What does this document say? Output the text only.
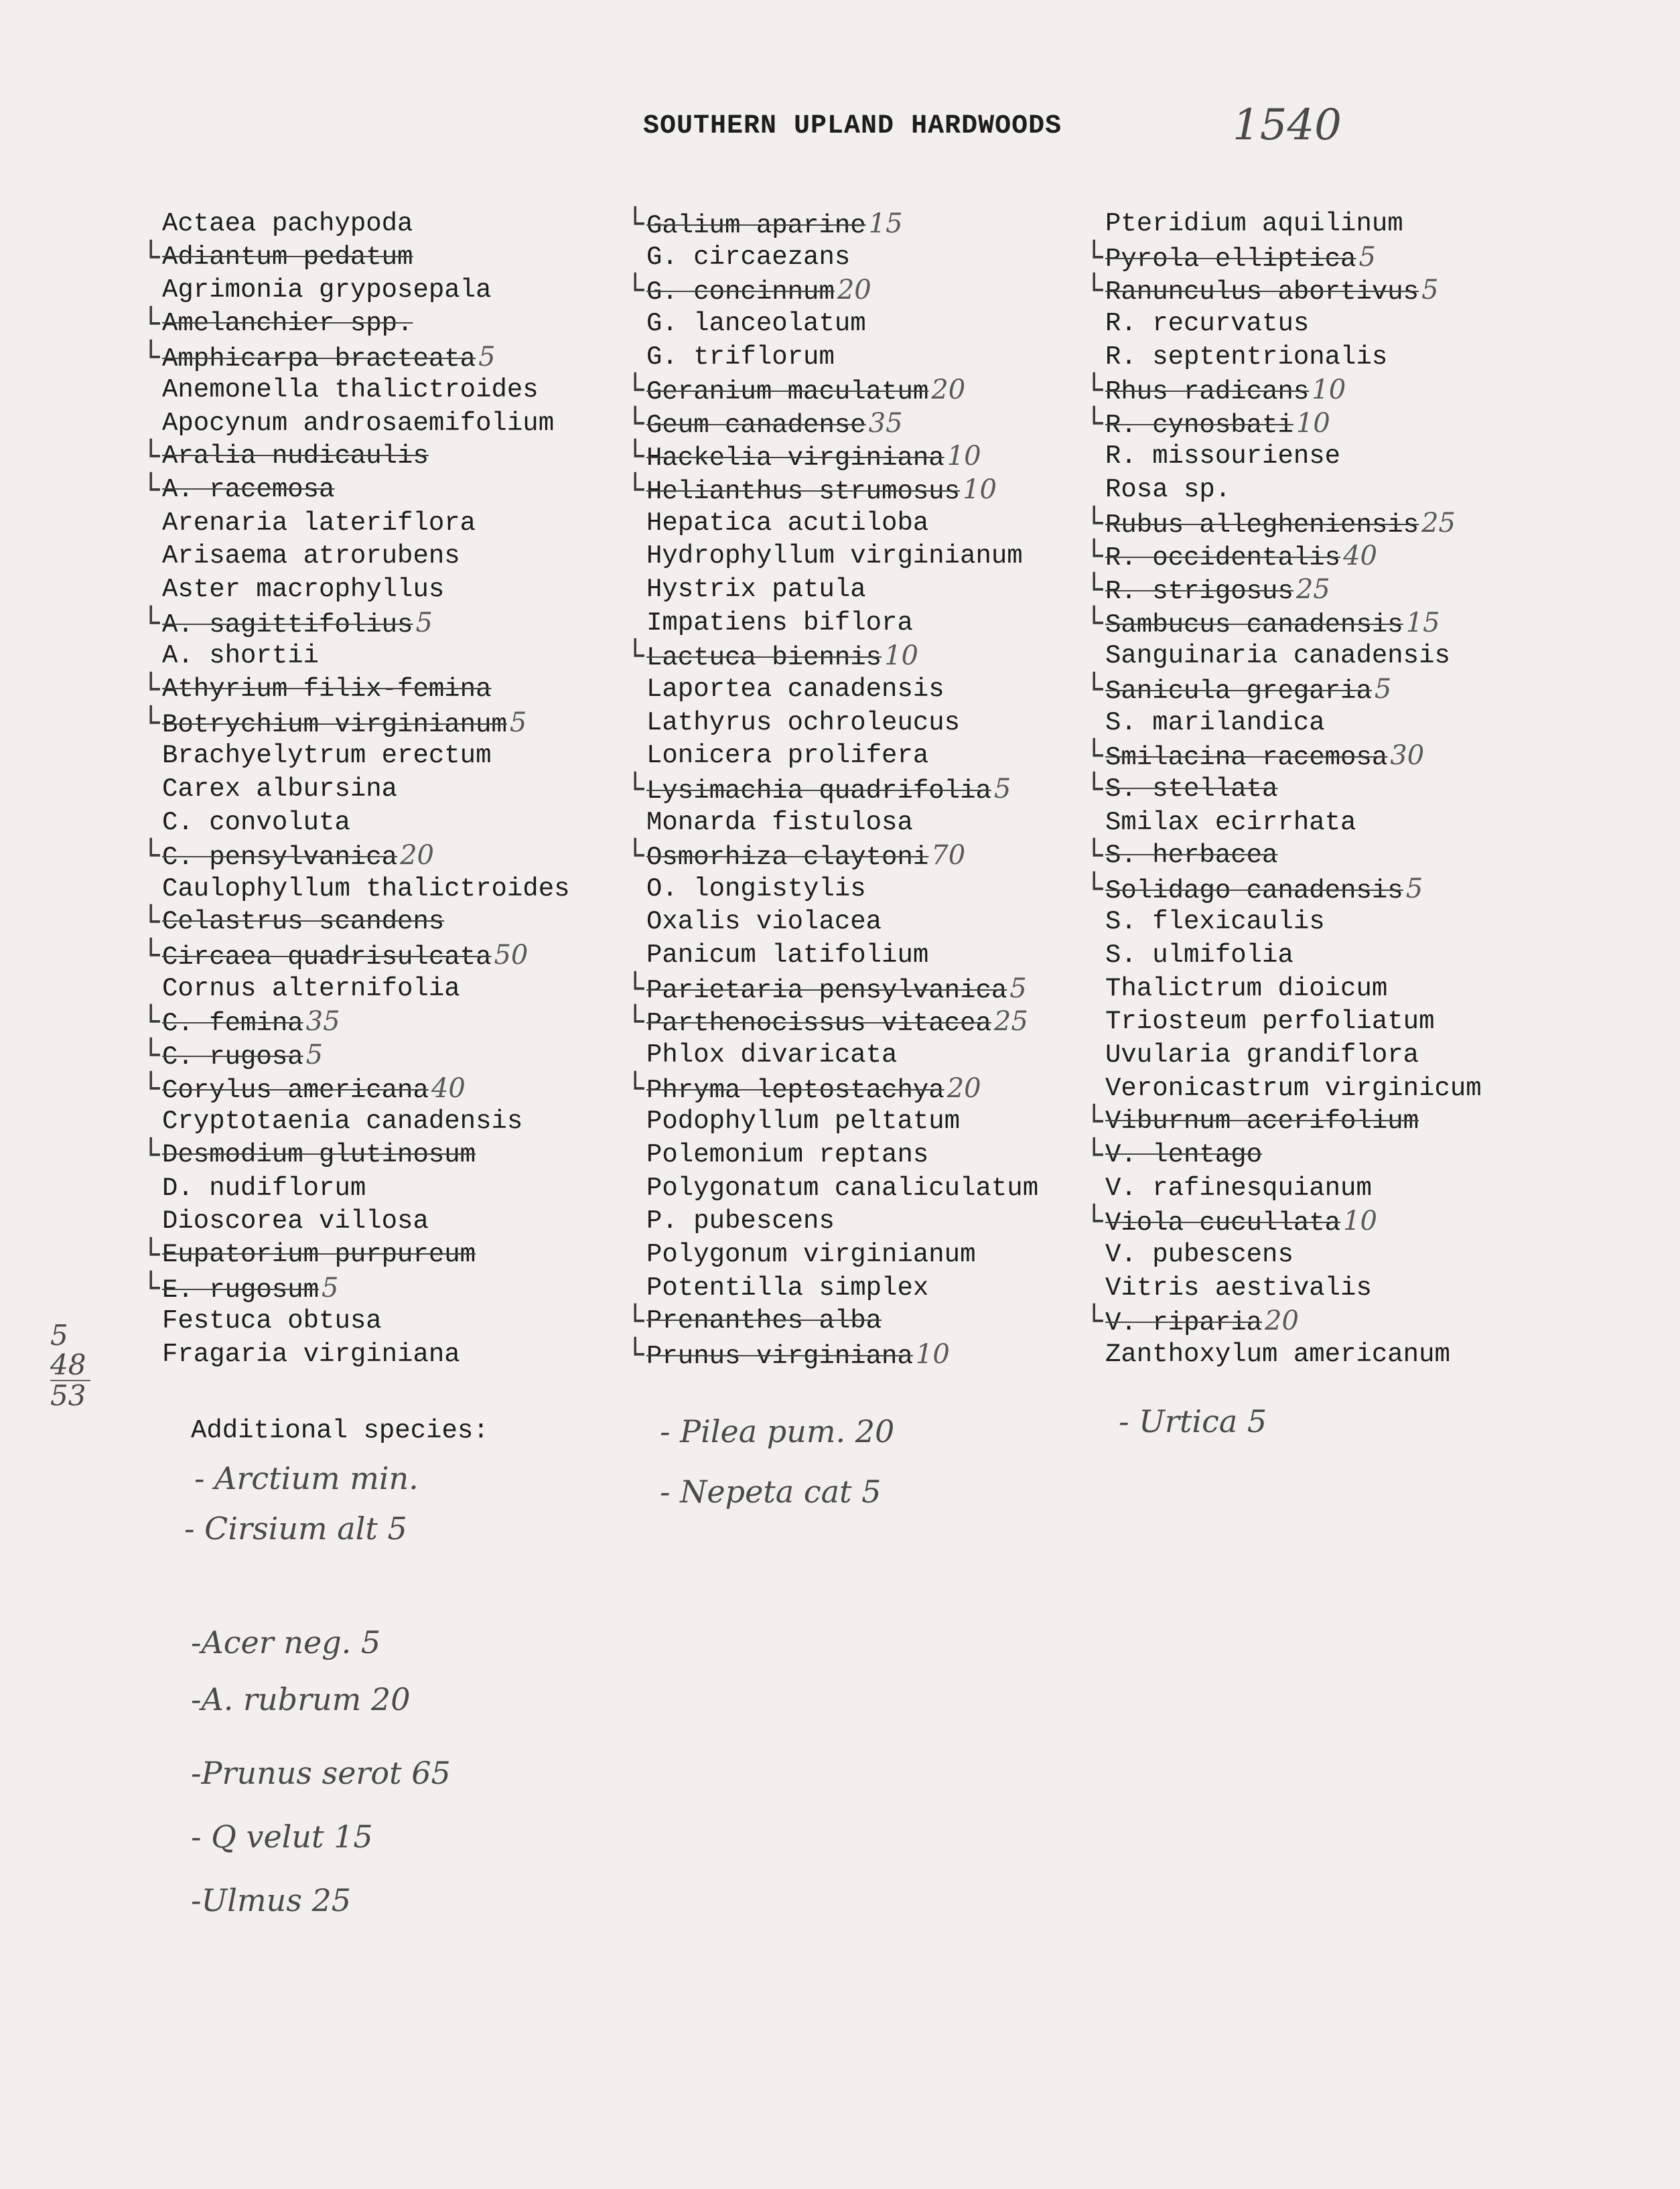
SOUTHERN UPLAND HARDWOODS	1540
Actaea pachypoda
└ Adiantum pedatum
Agrimonia gryposepala
└ Amelanchier spp.
└ Amphicarpa bracteata 5
Anemonella thalictroides
Apocynum androsaemifolium
└ Aralia nudicaulis
└ A. racemosa
Arenaria lateriflora
Arisaema atrorubens
Aster macrophyllus
└ A. sagittifolius 5
A. shortii
└ Athyrium filix-femina
└ Botrychium virginianum 5
Brachyelytrum erectum
Carex albursina
C. convoluta
└ C. pensylvanica 20
Caulophyllum thalictroides
└ Celastrus scandens
└ Circaea quadrisulcata 50
Cornus alternifolia
└ C. femina 35
└ C. rugosa 5
└ Corylus americana 40
Cryptotaenia canadensis
└ Desmodium glutinosum
D. nudiflorum
Dioscorea villosa
└ Eupatorium purpureum
└ E. rugosum 5
Festuca obtusa
Fragaria virginiana
└ Galium aparine 15
G. circaezans
└ G. concinnum 20
G. lanceolatum
G. triflorum
└ Geranium maculatum 20
└ Geum canadense 35
└ Hackelia virginiana 10
└ Helianthus strumosus 10
Hepatica acutiloba
Hydrophyllum virginianum
Hystrix patula
Impatiens biflora
└ Lactuca biennis 10
Laportea canadensis
Lathyrus ochroleucus
Lonicera prolifera
└ Lysimachia quadrifolia 5
Monarda fistulosa
└ Osmorhiza claytoni 70
O. longistylis
Oxalis violacea
Panicum latifolium
└ Parietaria pensylvanica 5
└ Parthenocissus vitacea 25
Phlox divaricata
└ Phryma leptostachya 20
Podophyllum peltatum
Polemonium reptans
Polygonatum canaliculatum
P. pubescens
Polygonum virginianum
Potentilla simplex
└ Prenanthes alba
└ Prunus virginiana 10
Pteridium aquilinum
└ Pyrola elliptica 5
└ Ranunculus abortivus 5
R. recurvatus
R. septentrionalis
└ Rhus radicans 10
└ R. cynosbati 10
R. missouriense
Rosa sp.
└ Rubus allegheniensis 25
└ R. occidentalis 40
└ R. strigosus 25
└ Sambucus canadensis 15
Sanguinaria canadensis
└ Sanicula gregaria 5
S. marilandica
└ Smilacina racemosa 30
└ S. stellata
Smilax ecirrhata
└ S. herbacea
└ Solidago canadensis 5
S. flexicaulis
S. ulmifolia
Thalictrum dioicum
Triosteum perfoliatum
Uvularia grandiflora
Veronicastrum virginicum
└ Viburnum acerifolium
└ V. lentago
V. rafinesquianum
└ Viola cucullata 10
V. pubescens
Vitris aestivalis
└ V. riparia 20
Zanthoxylum americanum
5
48
53
Additional species:
- Arctium min.
- Cirsium alt 5
- Pilea pum. 20
- Nepeta cat 5
- Urtica 5
-Acer neg. 5
-A. rubrum 20
-Prunus serot 65
- Q velut 15
-Ulmus 25
